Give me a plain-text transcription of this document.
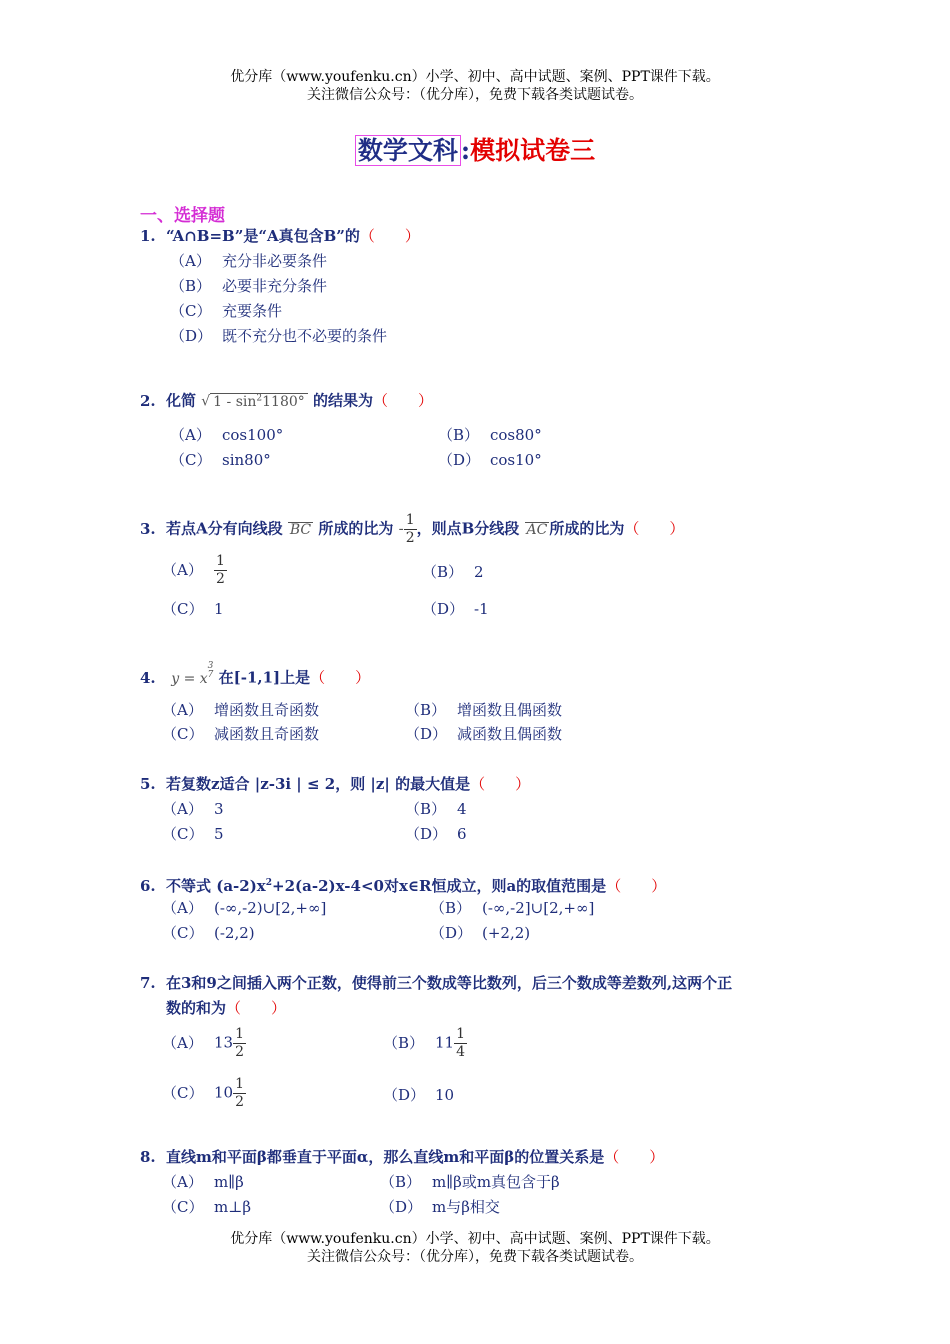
优分库（www.youfenku.cn）小学、初中、高中试题、案例、PPT课件下载。
关注微信公众号：（优分库），免费下载各类试题试卷。
数学文科 :模拟试卷三
一、选择题
1. “A∩B=B”是“A真包含B”的（　　）
（A） 充分非必要条件
（B） 必要非充分条件
（C） 充要条件
（D） 既不充分也不必要的条件
2. 化简 √ $1 - \sin^21180^\circ$ 的结果为（　　）
（A） cos100°	（B） cos80°
（C） sin80°	（D） cos10°
3. 若点A分有向线段 BC 所成的比为 - $\frac{1}{2}$ ，则点B分线段 AC 所成的比为（　　）
$(A) \frac{1}{2}$	（B） 2
（C） 1	（D） -1
4. y = x
$^{3 7}$ 在[-1,1]上是（　　）
（A） 增函数且奇函数	（B） 增函数且偶函数
（C） 减函数且奇函数	（D） 减函数且偶函数
5. 若复数z适合 |z-3i | ≤ 2，则 |z| 的最大值是（　　）
（A） 3	（B） 4
（C） 5	（D） 6
6. 不等式 $(a-2)x^2+2(a-2)x-4<0$对x∈R恒成立，则a的取值范围是（　　）
（A） (-∞,-2)∪[2,+∞]	（B） (-∞,-2]∪[2,+∞]
（C） (-2,2)	（D） (+2,2)
7. 在3和9之间插入两个正数，使得前三个数成等比数列，后三个数成等差数列,这两个正
数的和为（　　）
（A） $13 \frac{1}{2}$	（B） $11 \frac{1}{4}$
（C） $10 \frac{1}{2}$	（D） 10
8. 直线m和平面β都垂直于平面α，那么直线m和平面β的位置关系是（　　）
（A） m∥β	（B） m∥β或m真包含于β
（C） m⊥β	（D） m与β相交
优分库（www.youfenku.cn）小学、初中、高中试题、案例、PPT课件下载。
关注微信公众号：（优分库），免费下载各类试题试卷。
